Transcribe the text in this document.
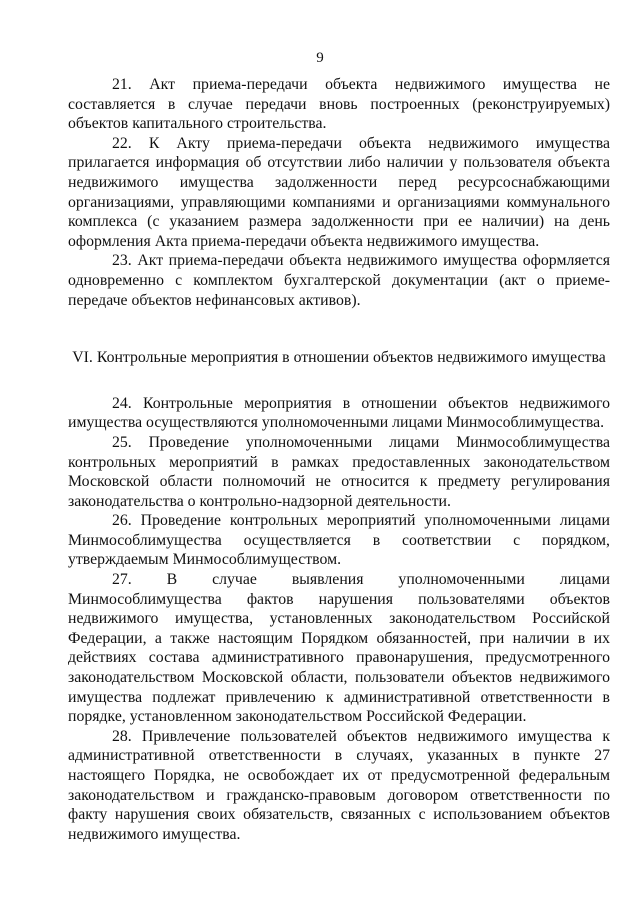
9

21. Акт приема-передачи объекта недвижимого имущества не составляется в случае передачи вновь построенных (реконструируемых) объектов капитального строительства.

22. К Акту приема-передачи объекта недвижимого имущества прилагается информация об отсутствии либо наличии у пользователя объекта недвижимого имущества задолженности перед ресурсоснабжающими организациями, управляющими компаниями и организациями коммунального комплекса (с указанием размера задолженности при ее наличии) на день оформления Акта приема-передачи объекта недвижимого имущества.

23. Акт приема-передачи объекта недвижимого имущества оформляется одновременно с комплектом бухгалтерской документации (акт о приеме-передаче объектов нефинансовых активов).

VI. Контрольные мероприятия в отношении объектов недвижимого имущества

24. Контрольные мероприятия в отношении объектов недвижимого имущества осуществляются уполномоченными лицами Минмособлимущества.

25. Проведение уполномоченными лицами Минмособлимущества контрольных мероприятий в рамках предоставленных законодательством Московской области полномочий не относится к предмету регулирования законодательства о контрольно-надзорной деятельности.

26. Проведение контрольных мероприятий уполномоченными лицами Минмособлимущества осуществляется в соответствии с порядком, утверждаемым Минмособлимуществом.

27. В случае выявления уполномоченными лицами Минмособлимущества фактов нарушения пользователями объектов недвижимого имущества, установленных законодательством Российской Федерации, а также настоящим Порядком обязанностей, при наличии в их действиях состава административного правонарушения, предусмотренного законодательством Московской области, пользователи объектов недвижимого имущества подлежат привлечению к административной ответственности в порядке, установленном законодательством Российской Федерации.

28. Привлечение пользователей объектов недвижимого имущества к административной ответственности в случаях, указанных в пункте 27 настоящего Порядка, не освобождает их от предусмотренной федеральным законодательством и гражданско-правовым договором ответственности по факту нарушения своих обязательств, связанных с использованием объектов недвижимого имущества.
